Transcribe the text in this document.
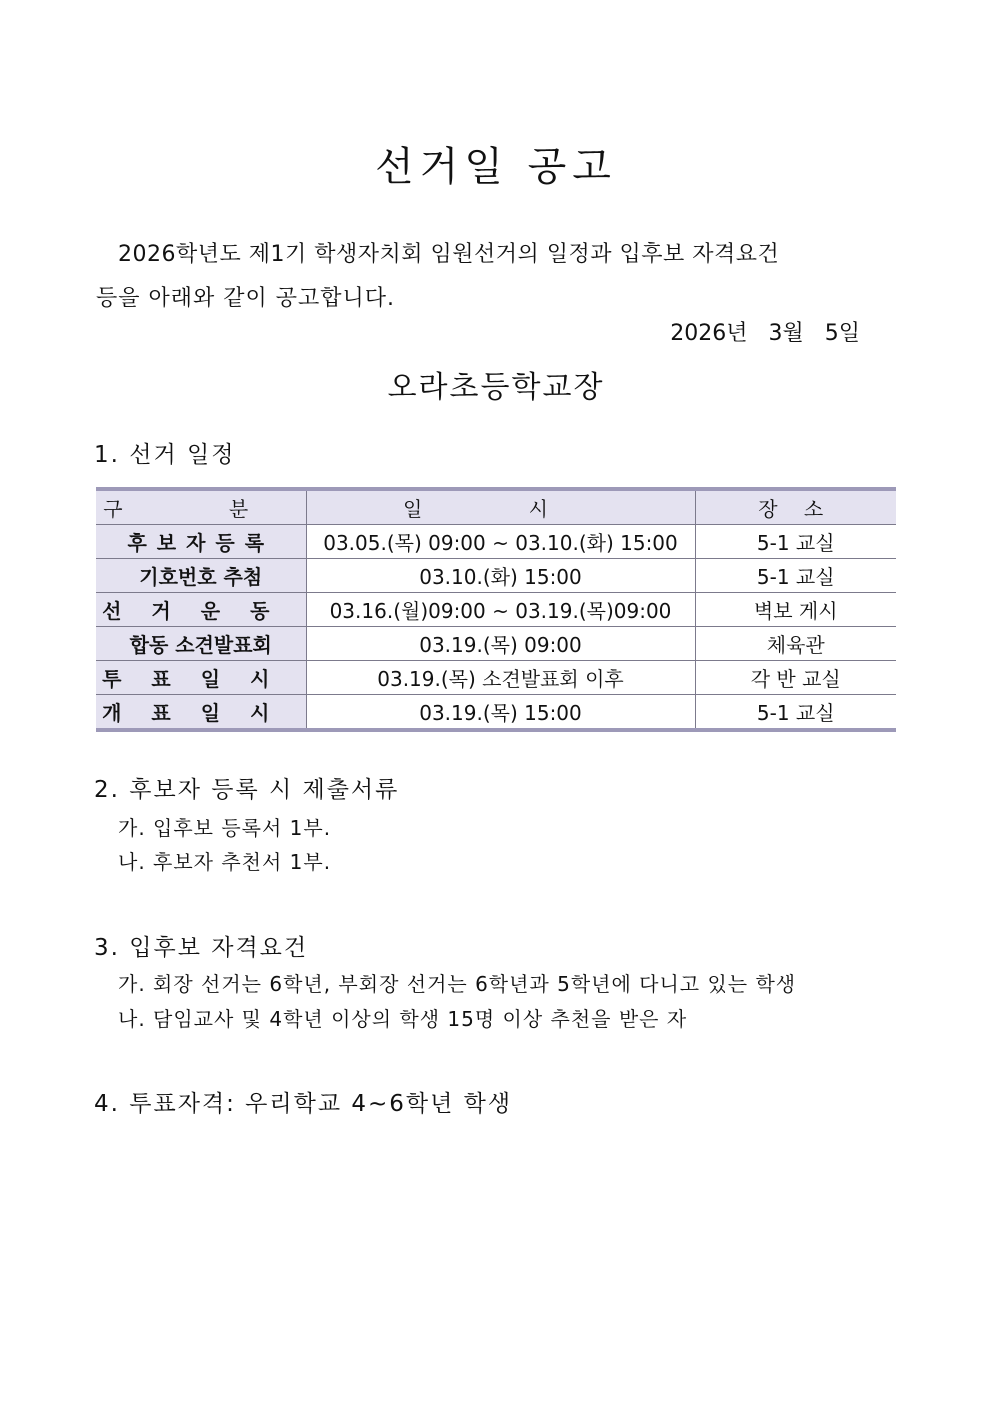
선거일 공고
2026학년도 제1기 학생자치회 임원선거의 일정과 입후보 자격요건
등을 아래와 같이 공고합니다.
2026년 3월 5일
오라초등학교장
1. 선거 일정
구 분	일 시	장 소
후보자등록	03.05.(목) 09:00 ~ 03.10.(화) 15:00	5-1 교실
기호번호 추첨	03.10.(화) 15:00	5-1 교실
선거운동	03.16.(월)09:00 ~ 03.19.(목)09:00	벽보 게시
합동 소견발표회	03.19.(목) 09:00	체육관
투표일시	03.19.(목) 소견발표회 이후	각 반 교실
개표일시	03.19.(목) 15:00	5-1 교실
2. 후보자 등록 시 제출서류
가. 입후보 등록서 1부.
나. 후보자 추천서 1부.
3. 입후보 자격요건
가. 회장 선거는 6학년, 부회장 선거는 6학년과 5학년에 다니고 있는 학생
나. 담임교사 및 4학년 이상의 학생 15명 이상 추천을 받은 자
4. 투표자격: 우리학교 4~6학년 학생
